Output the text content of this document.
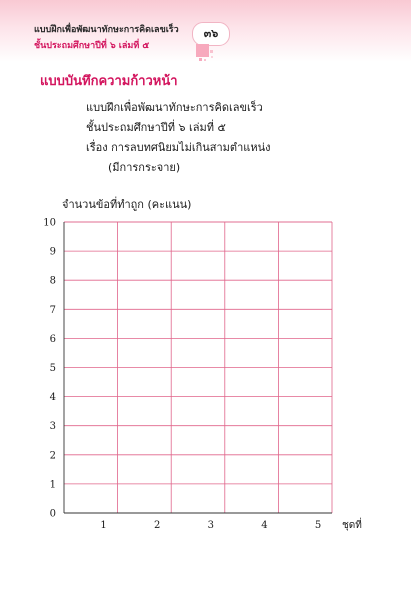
แบบฝึกเพื่อพัฒนาทักษะการคิดเลขเร็ว
ชั้นประถมศึกษาปีที่ ๖ เล่มที่ ๕
๓๖
แบบบันทึกความก้าวหน้า
แบบฝึกเพื่อพัฒนาทักษะการคิดเลขเร็ว
ชั้นประถมศึกษาปีที่ ๖ เล่มที่ ๕
เรื่อง การลบทศนิยมไม่เกินสามตำแหน่ง
(มีการกระจาย)
จำนวนข้อที่ทำถูก (คะแนน)
0
1
2
3
4
5
6
7
8
9
10
1	2	3	4	5 ชุดที่
